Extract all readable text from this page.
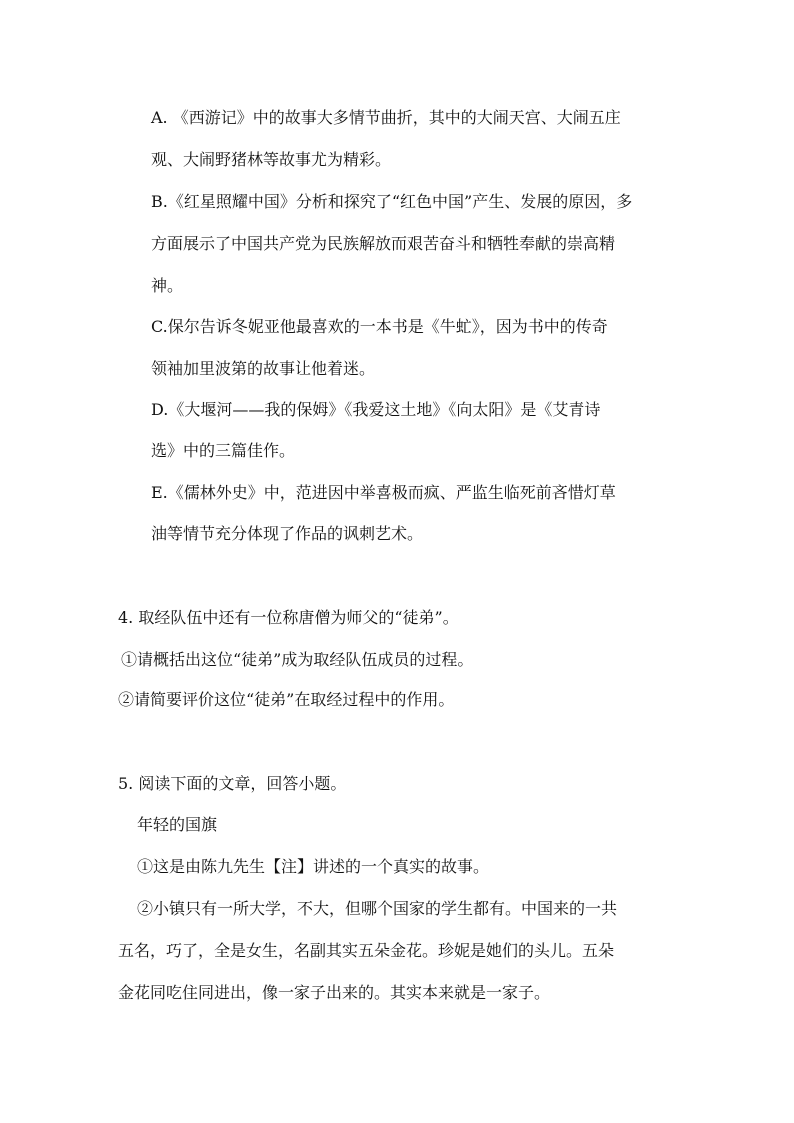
A. 《西游记》中的故事大多情节曲折，其中的大闹天宫、大闹五庄
观、大闹野猪林等故事尤为精彩。
B.《红星照耀中国》分析和探究了“红色中国”产生、发展的原因，多
方面展示了中国共产党为民族解放而艰苦奋斗和牺牲奉献的崇高精
神。
C.保尔告诉冬妮亚他最喜欢的一本书是《牛虻》，因为书中的传奇
领袖加里波第的故事让他着迷。
D.《大堰河——我的保姆》《我爱这土地》《向太阳》是《艾青诗
选》中的三篇佳作。
E.《儒林外史》中，范进因中举喜极而疯、严监生临死前吝惜灯草
油等情节充分体现了作品的讽刺艺术。
4. 取经队伍中还有一位称唐僧为师父的“徒弟”。
①请概括出这位“徒弟”成为取经队伍成员的过程。
②请简要评价这位“徒弟”在取经过程中的作用。
5. 阅读下面的文章，回答小题。
年轻的国旗
①这是由陈九先生【注】讲述的一个真实的故事。
②小镇只有一所大学，不大，但哪个国家的学生都有。中国来的一共
五名，巧了，全是女生，名副其实五朵金花。珍妮是她们的头儿。五朵
金花同吃住同进出，像一家子出来的。其实本来就是一家子。
